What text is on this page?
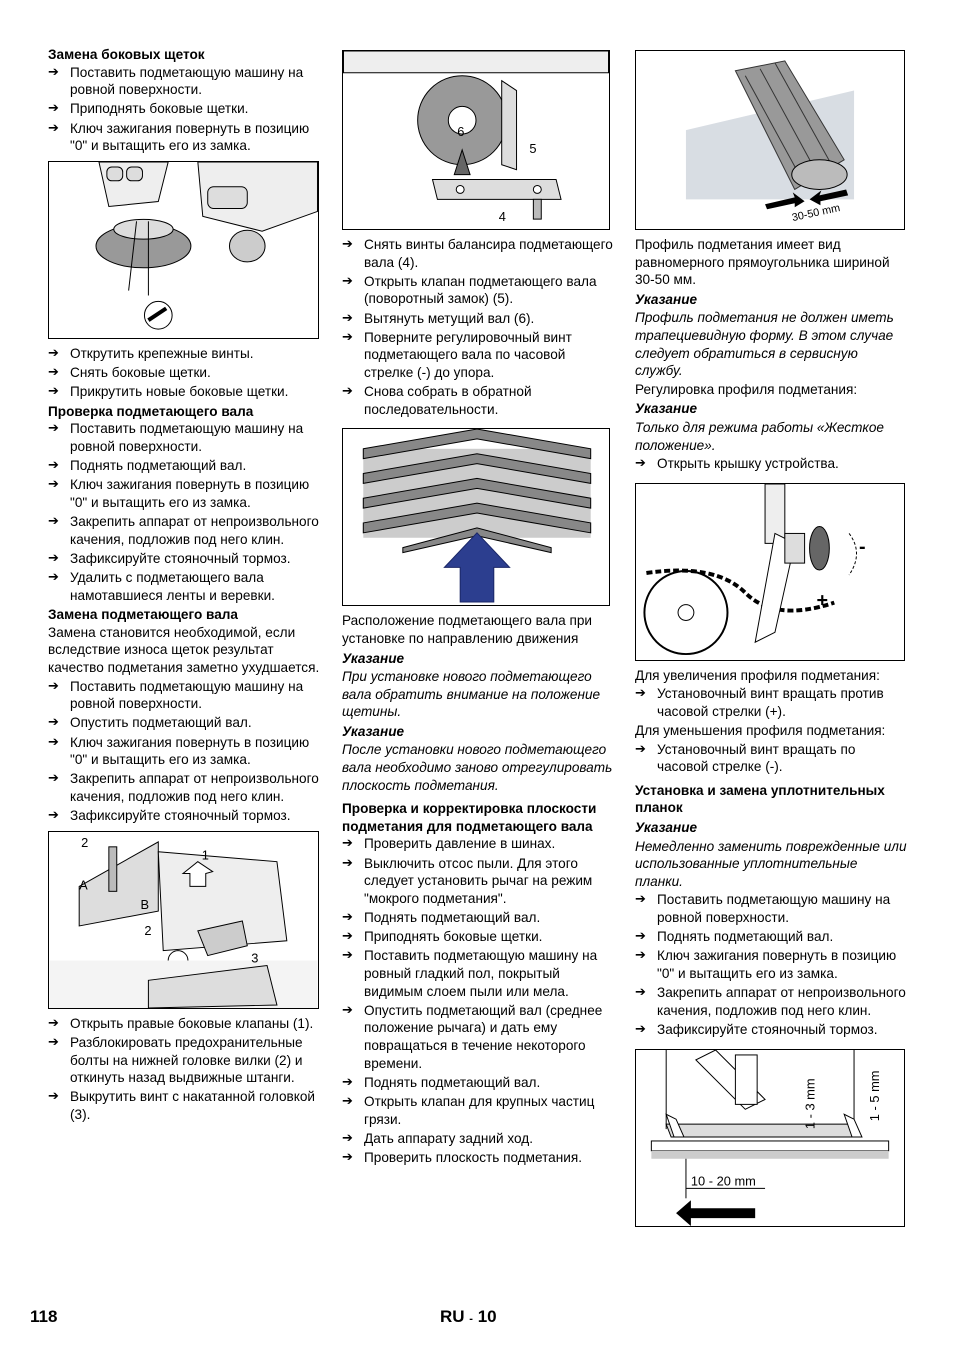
Замена боковых щеток
➔ Поставить подметающую машину на ровной поверхности.
➔ Приподнять боковые щетки.
➔ Ключ зажигания повернуть в позицию "0" и вытащить его из замка.
➔ Открутить крепежные винты.
➔ Снять боковые щетки.
➔ Прикрутить новые боковые щетки.
Проверка подметающего вала
➔ Поставить подметающую машину на ровной поверхности.
➔ Поднять подметающий вал.
➔ Ключ зажигания повернуть в позицию "0" и вытащить его из замка.
➔ Закрепить аппарат от непроизвольного качения, подложив под него клин.
➔ Зафиксируйте стояночный тормоз.
➔ Удалить с подметающего вала намотавшиеся ленты и веревки.
Замена подметающего вала

Замена становится необходимой, если вследствие износа щеток результат качество подметания заметно ухудшается.

➔ Поставить подметающую машину на ровной поверхности.
➔ Опустить подметающий вал.
➔ Ключ зажигания повернуть в позицию "0" и вытащить его из замка.
➔ Закрепить аппарат от непроизвольного качения, подложив под него клин.
➔ Зафиксируйте стояночный тормоз.
2
A
B
1
2
3
➔ Открыть правые боковые клапаны (1).
➔ Разблокировать предохранительные болты на нижней головке вилки (2) и откинуть назад выдвижные штанги.
➔ Выкрутить винт с накатанной головкой (3).
6
5
4
➔ Снять винты балансира подметающего вала (4).
➔ Открыть клапан подметающего вала (поворотный замок) (5).
➔ Вытянуть метущий вал (6).
➔ Поверните регулировочный винт подметающего вала по часовой стрелке (-) до упора.
➔ Снова собрать в обратной последовательности.

Расположение подметающего вала при установке по направлению движения

Указание

При установке нового подметающего вала обратить внимание на положение щетины.

Указание

После установки нового подметающего вала необходимо заново отрегулировать плоскость подметания.

Проверка и корректировка плоскости подметания для подметающего вала
➔ Проверить давление в шинах.
➔ Выключить отсос пыли. Для этого следует установить рычаг на режим "мокрого подметания".
➔ Поднять подметающий вал.
➔ Приподнять боковые щетки.
➔ Поставить подметающую машину на ровный гладкий пол, покрытый видимым слоем пыли или мела.
➔ Опустить подметающий вал (среднее положение рычага) и дать ему повращаться в течение некоторого времени.
➔ Поднять подметающий вал.
➔ Открыть клапан для крупных частиц грязи.
➔ Дать аппарату задний ход.
➔ Проверить плоскость подметания.
30-50 mm

Профиль подметания имеет вид равномерного прямоугольника шириной 30-50 мм.

Указание

Профиль подметания не должен иметь трапециевидную форму. В этом случае следует обратиться в сервисную службу.

Регулировка профиля подметания:

Указание

Только для режима работы «Жесткое положение».

➔ Открыть крышку устройства.
-
+

Для увеличения профиля подметания:

➔ Установочный винт вращать против часовой стрелки (+).

Для уменьшения профиля подметания:

➔ Установочный винт вращать по часовой стрелке (-).
Установка и замена уплотнительных планок

Указание

Немедленно заменить поврежденные или использованные уплотнительные планки.

➔ Поставить подметающую машину на ровной поверхности.
➔ Поднять подметающий вал.
➔ Ключ зажигания повернуть в позицию "0" и вытащить его из замка.
➔ Закрепить аппарат от непроизвольного качения, подложив под него клин.
➔ Зафиксируйте стояночный тормоз.
1 - 3 mm	1 - 5 mm
10 - 20 mm
118	RU - 10
